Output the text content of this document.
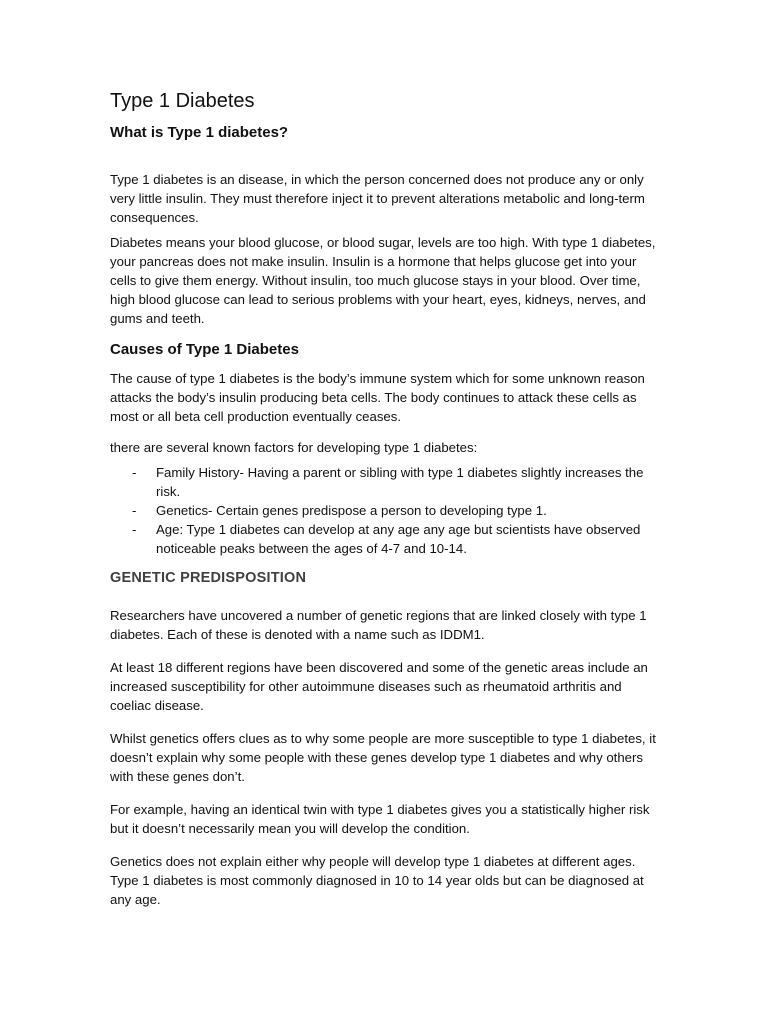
Type 1 Diabetes
What is Type 1 diabetes?

Type 1 diabetes is an disease, in which the person concerned does not produce any or only very little insulin. They must therefore inject it to prevent alterations metabolic and long-term consequences.

Diabetes means your blood glucose, or blood sugar, levels are too high. With type 1 diabetes, your pancreas does not make insulin. Insulin is a hormone that helps glucose get into your cells to give them energy. Without insulin, too much glucose stays in your blood. Over time, high blood glucose can lead to serious problems with your heart, eyes, kidneys, nerves, and gums and teeth.

Causes of Type 1 Diabetes

The cause of type 1 diabetes is the body’s immune system which for some unknown reason attacks the body’s insulin producing beta cells. The body continues to attack these cells as most or all beta cell production eventually ceases.

there are several known factors for developing type 1 diabetes:

- Family History- Having a parent or sibling with type 1 diabetes slightly increases the risk.
- Genetics- Certain genes predispose a person to developing type 1.
- Age: Type 1 diabetes can develop at any age any age but scientists have observed noticeable peaks between the ages of 4-7 and 10-14.
GENETIC PREDISPOSITION

Researchers have uncovered a number of genetic regions that are linked closely with type 1 diabetes. Each of these is denoted with a name such as IDDM1.

At least 18 different regions have been discovered and some of the genetic areas include an increased susceptibility for other autoimmune diseases such as rheumatoid arthritis and coeliac disease.

Whilst genetics offers clues as to why some people are more susceptible to type 1 diabetes, it doesn’t explain why some people with these genes develop type 1 diabetes and why others with these genes don’t.

For example, having an identical twin with type 1 diabetes gives you a statistically higher risk but it doesn’t necessarily mean you will develop the condition.

Genetics does not explain either why people will develop type 1 diabetes at different ages. Type 1 diabetes is most commonly diagnosed in 10 to 14 year olds but can be diagnosed at any age.
